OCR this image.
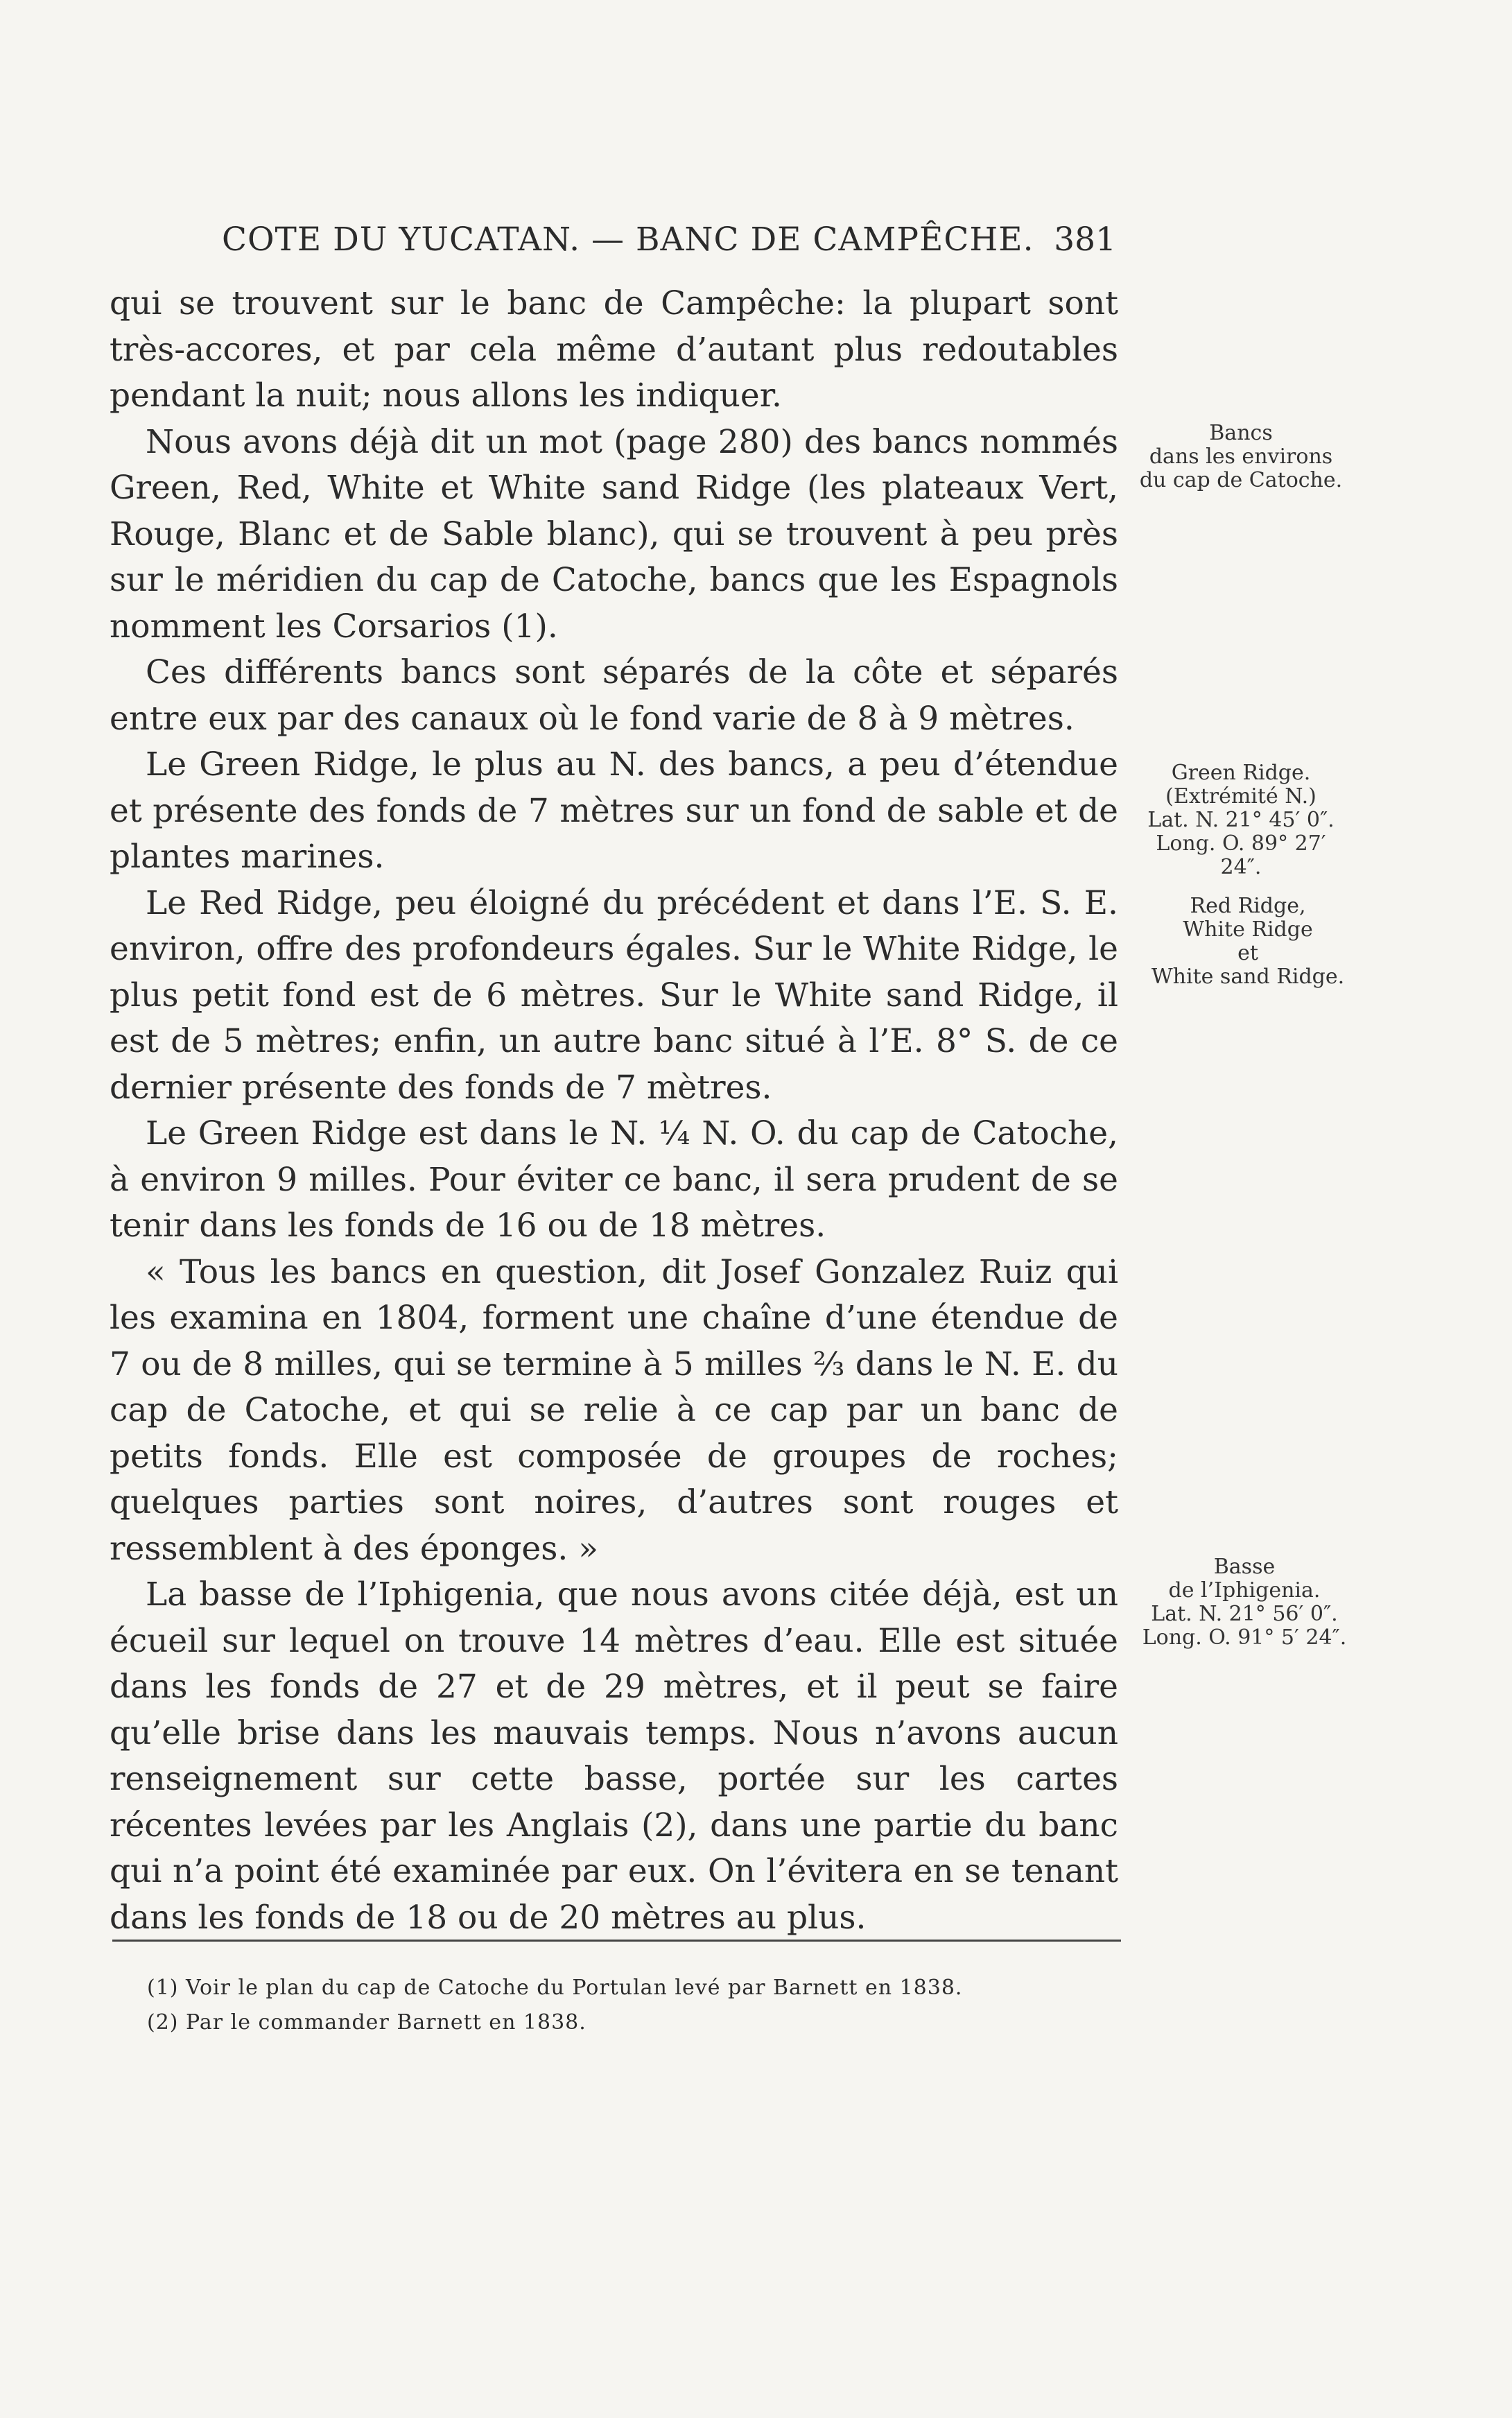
COTE DU YUCATAN. — BANC DE CAMPÊCHE. 381

qui se trouvent sur le banc de Campêche: la plupart sont très-accores, et par cela même d’autant plus redoutables pendant la nuit; nous allons les indiquer.

Nous avons déjà dit un mot (page 280) des bancs nommés Green, Red, White et White sand Ridge (les plateaux Vert, Rouge, Blanc et de Sable blanc), qui se trouvent à peu près sur le méridien du cap de Catoche, bancs que les Espagnols nomment les Corsarios (1).

Ces différents bancs sont séparés de la côte et séparés entre eux par des canaux où le fond varie de 8 à 9 mètres.

Le Green Ridge, le plus au N. des bancs, a peu d’étendue et présente des fonds de 7 mètres sur un fond de sable et de plantes marines.

Le Red Ridge, peu éloigné du précédent et dans l’E. S. E. environ, offre des profondeurs égales. Sur le White Ridge, le plus petit fond est de 6 mètres. Sur le White sand Ridge, il est de 5 mètres; enfin, un autre banc situé à l’E. 8° S. de ce dernier présente des fonds de 7 mètres.

Le Green Ridge est dans le N. ¼ N. O. du cap de Catoche, à environ 9 milles. Pour éviter ce banc, il sera prudent de se tenir dans les fonds de 16 ou de 18 mètres.

« Tous les bancs en question, dit Josef Gonzalez Ruiz qui les examina en 1804, forment une chaîne d’une étendue de 7 ou de 8 milles, qui se termine à 5 milles ⅔ dans le N. E. du cap de Catoche, et qui se relie à ce cap par un banc de petits fonds. Elle est composée de groupes de roches; quelques parties sont noires, d’autres sont rouges et ressemblent à des éponges. »

La basse de l’Iphigenia, que nous avons citée déjà, est un écueil sur lequel on trouve 14 mètres d’eau. Elle est située dans les fonds de 27 et de 29 mètres, et il peut se faire qu’elle brise dans les mauvais temps. Nous n’avons aucun renseignement sur cette basse, portée sur les cartes récentes levées par les Anglais (2), dans une partie du banc qui n’a point été examinée par eux. On l’évitera en se tenant dans les fonds de 18 ou de 20 mètres au plus.

Bancs
dans les environs
du cap de Catoche.
Green Ridge.
(Extrémité N.)
Lat. N. 21° 45′ 0″.
Long. O. 89° 27′ 24″.
Red Ridge,
White Ridge
et
White sand Ridge.
Basse
de l’Iphigenia.
Lat. N. 21° 56′ 0″.
Long. O. 91° 5′ 24″.

(1) Voir le plan du cap de Catoche du Portulan levé par Barnett en 1838.

(2) Par le commander Barnett en 1838.
